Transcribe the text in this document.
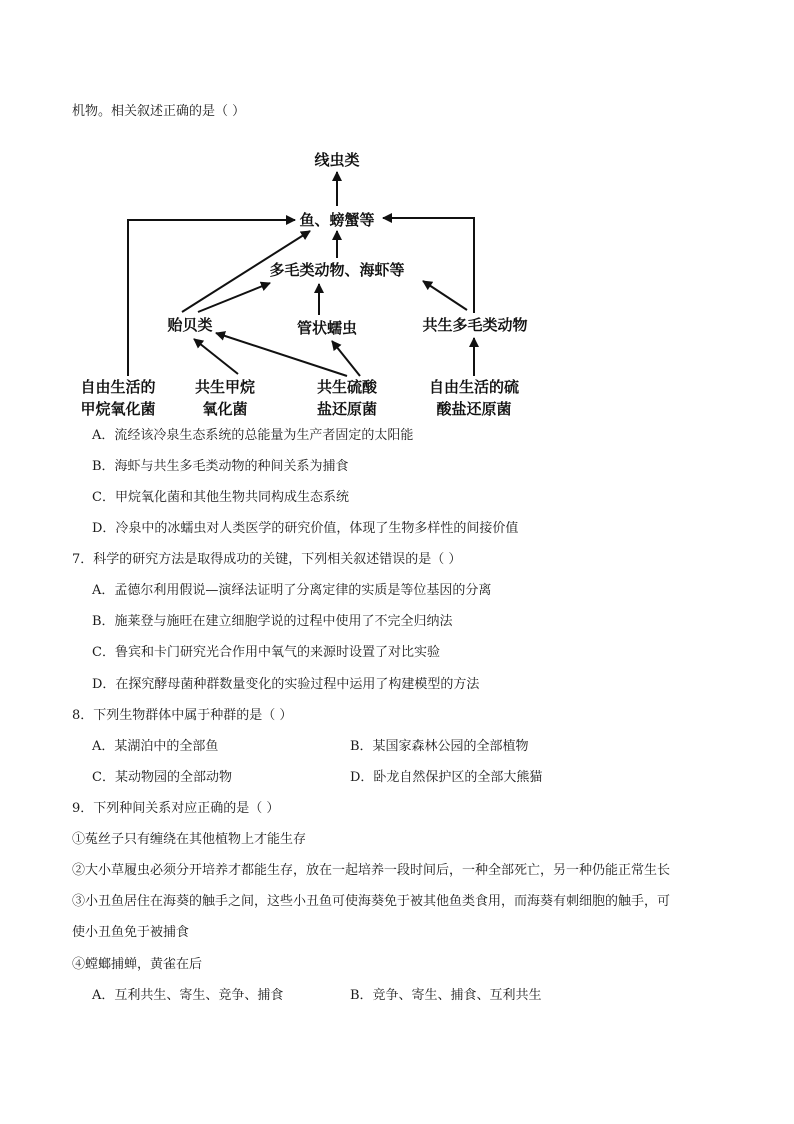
机物。相关叙述正确的是（ ）
线虫类
鱼、螃蟹等
多毛类动物、海虾等
贻贝类	管状蠕虫	共生多毛类动物
自由生活的
甲烷氧化菌
共生甲烷
氧化菌
共生硫酸
盐还原菌
自由生活的硫
酸盐还原菌
A．流经该冷泉生态系统的总能量为生产者固定的太阳能
B．海虾与共生多毛类动物的种间关系为捕食
C．甲烷氧化菌和其他生物共同构成生态系统
D．冷泉中的冰蠕虫对人类医学的研究价值，体现了生物多样性的间接价值
7．科学的研究方法是取得成功的关键，下列相关叙述错误的是（ ）
A．孟德尔利用假说—演绎法证明了分离定律的实质是等位基因的分离
B．施莱登与施旺在建立细胞学说的过程中使用了不完全归纳法
C．鲁宾和卡门研究光合作用中氧气的来源时设置了对比实验
D．在探究酵母菌种群数量变化的实验过程中运用了构建模型的方法
8．下列生物群体中属于种群的是（ ）
A．某湖泊中的全部鱼	B．某国家森林公园的全部植物
C．某动物园的全部动物	D．卧龙自然保护区的全部大熊猫
9．下列种间关系对应正确的是（ ）
①菟丝子只有缠绕在其他植物上才能生存
②大小草履虫必须分开培养才都能生存，放在一起培养一段时间后，一种全部死亡，另一种仍能正常生长
③小丑鱼居住在海葵的触手之间，这些小丑鱼可使海葵免于被其他鱼类食用，而海葵有刺细胞的触手，可
使小丑鱼免于被捕食
④螳螂捕蝉，黄雀在后
A．互利共生、寄生、竞争、捕食	B．竞争、寄生、捕食、互利共生
